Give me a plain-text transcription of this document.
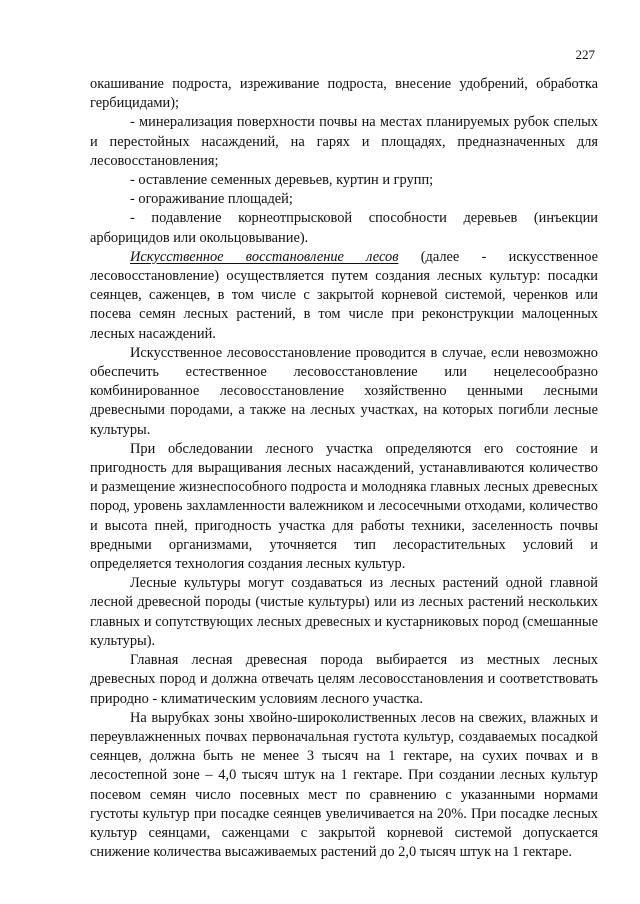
227

окашивание подроста, изреживание подроста, внесение удобрений, обработка гербицидами);

- минерализация поверхности почвы на местах планируемых рубок спелых и перестойных насаждений, на гарях и площадях, предназначенных для лесовосстановления;

- оставление семенных деревьев, куртин и групп;

- огораживание площадей;

- подавление корнеотпрысковой способности деревьев (инъекции арборицидов или окольцовывание).

Искусственное восстановление лесов (далее - искусственное лесовосстановление) осуществляется путем создания лесных культур: посадки сеянцев, саженцев, в том числе с закрытой корневой системой, черенков или посева семян лесных растений, в том числе при реконструкции малоценных лесных насаждений.

Искусственное лесовосстановление проводится в случае, если невозможно обеспечить естественное лесовосстановление или нецелесообразно комбинированное лесовосстановление хозяйственно ценными лесными древесными породами, а также на лесных участках, на которых погибли лесные культуры.

При обследовании лесного участка определяются его состояние и пригодность для выращивания лесных насаждений, устанавливаются количество и размещение жизнеспособного подроста и молодняка главных лесных древесных пород, уровень захламленности валежником и лесосечными отходами, количество и высота пней, пригодность участка для работы техники, заселенность почвы вредными организмами, уточняется тип лесорастительных условий и определяется технология создания лесных культур.

Лесные культуры могут создаваться из лесных растений одной главной лесной древесной породы (чистые культуры) или из лесных растений нескольких главных и сопутствующих лесных древесных и кустарниковых пород (смешанные культуры).

Главная лесная древесная порода выбирается из местных лесных древесных пород и должна отвечать целям лесовосстановления и соответствовать природно - климатическим условиям лесного участка.

На вырубках зоны хвойно-широколиственных лесов на свежих, влажных и переувлажненных почвах первоначальная густота культур, создаваемых посадкой сеянцев, должна быть не менее 3 тысяч на 1 гектаре, на сухих почвах и в лесостепной зоне – 4,0 тысяч штук на 1 гектаре. При создании лесных культур посевом семян число посевных мест по сравнению с указанными нормами густоты культур при посадке сеянцев увеличивается на 20%. При посадке лесных культур сеянцами, саженцами с закрытой корневой системой допускается снижение количества высаживаемых растений до 2,0 тысяч штук на 1 гектаре.
